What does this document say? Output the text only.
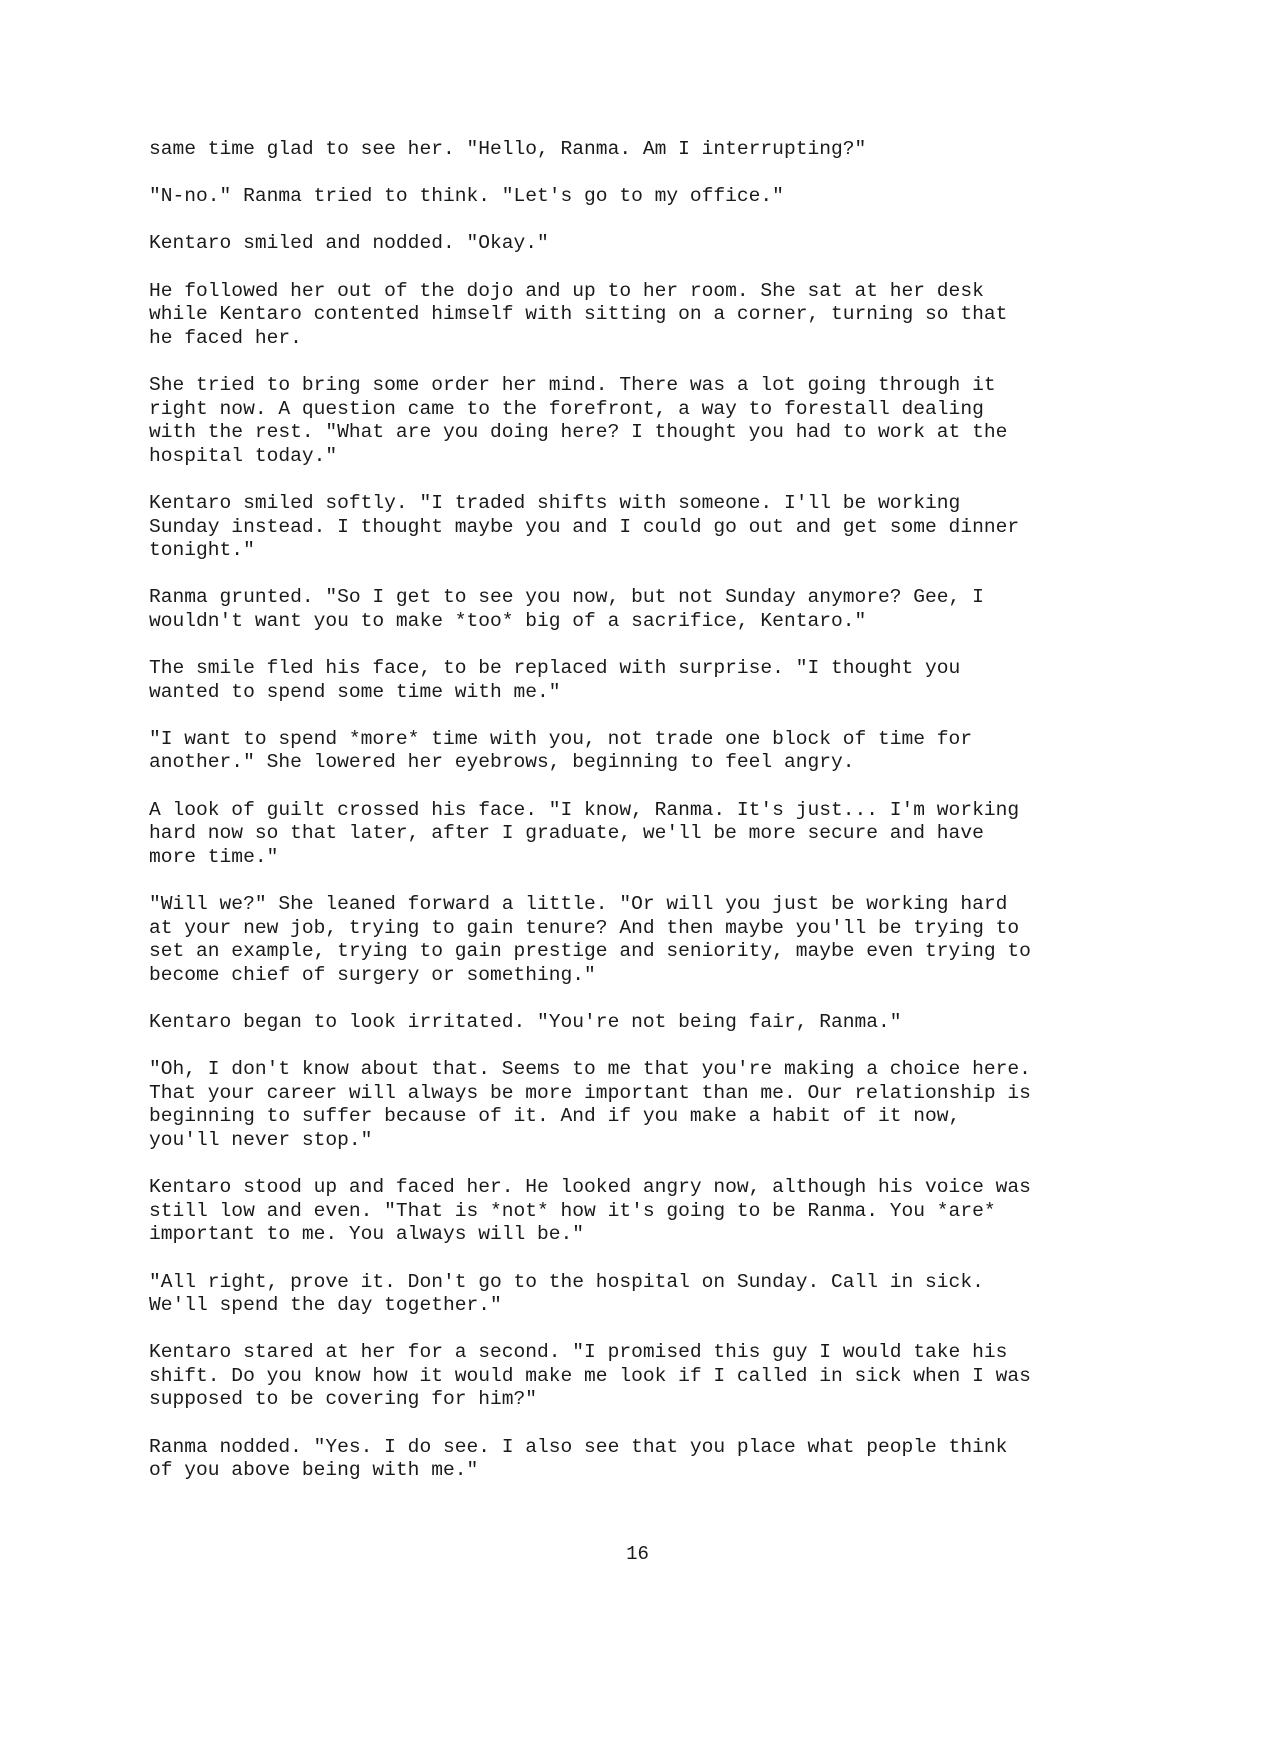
same time glad to see her. "Hello, Ranma. Am I interrupting?"

"N-no." Ranma tried to think. "Let's go to my office."

Kentaro smiled and nodded. "Okay."

He followed her out of the dojo and up to her room. She sat at her desk
while Kentaro contented himself with sitting on a corner, turning so that
he faced her.

She tried to bring some order her mind. There was a lot going through it
right now. A question came to the forefront, a way to forestall dealing
with the rest. "What are you doing here? I thought you had to work at the
hospital today."

Kentaro smiled softly. "I traded shifts with someone. I'll be working
Sunday instead. I thought maybe you and I could go out and get some dinner
tonight."

Ranma grunted. "So I get to see you now, but not Sunday anymore? Gee, I
wouldn't want you to make *too* big of a sacrifice, Kentaro."

The smile fled his face, to be replaced with surprise. "I thought you
wanted to spend some time with me."

"I want to spend *more* time with you, not trade one block of time for
another." She lowered her eyebrows, beginning to feel angry.

A look of guilt crossed his face. "I know, Ranma. It's just... I'm working
hard now so that later, after I graduate, we'll be more secure and have
more time."

"Will we?" She leaned forward a little. "Or will you just be working hard
at your new job, trying to gain tenure? And then maybe you'll be trying to
set an example, trying to gain prestige and seniority, maybe even trying to
become chief of surgery or something."

Kentaro began to look irritated. "You're not being fair, Ranma."

"Oh, I don't know about that. Seems to me that you're making a choice here.
That your career will always be more important than me. Our relationship is
beginning to suffer because of it. And if you make a habit of it now,
you'll never stop."

Kentaro stood up and faced her. He looked angry now, although his voice was
still low and even. "That is *not* how it's going to be Ranma. You *are*
important to me. You always will be."

"All right, prove it. Don't go to the hospital on Sunday. Call in sick.
We'll spend the day together."

Kentaro stared at her for a second. "I promised this guy I would take his
shift. Do you know how it would make me look if I called in sick when I was
supposed to be covering for him?"

Ranma nodded. "Yes. I do see. I also see that you place what people think
of you above being with me."

16
